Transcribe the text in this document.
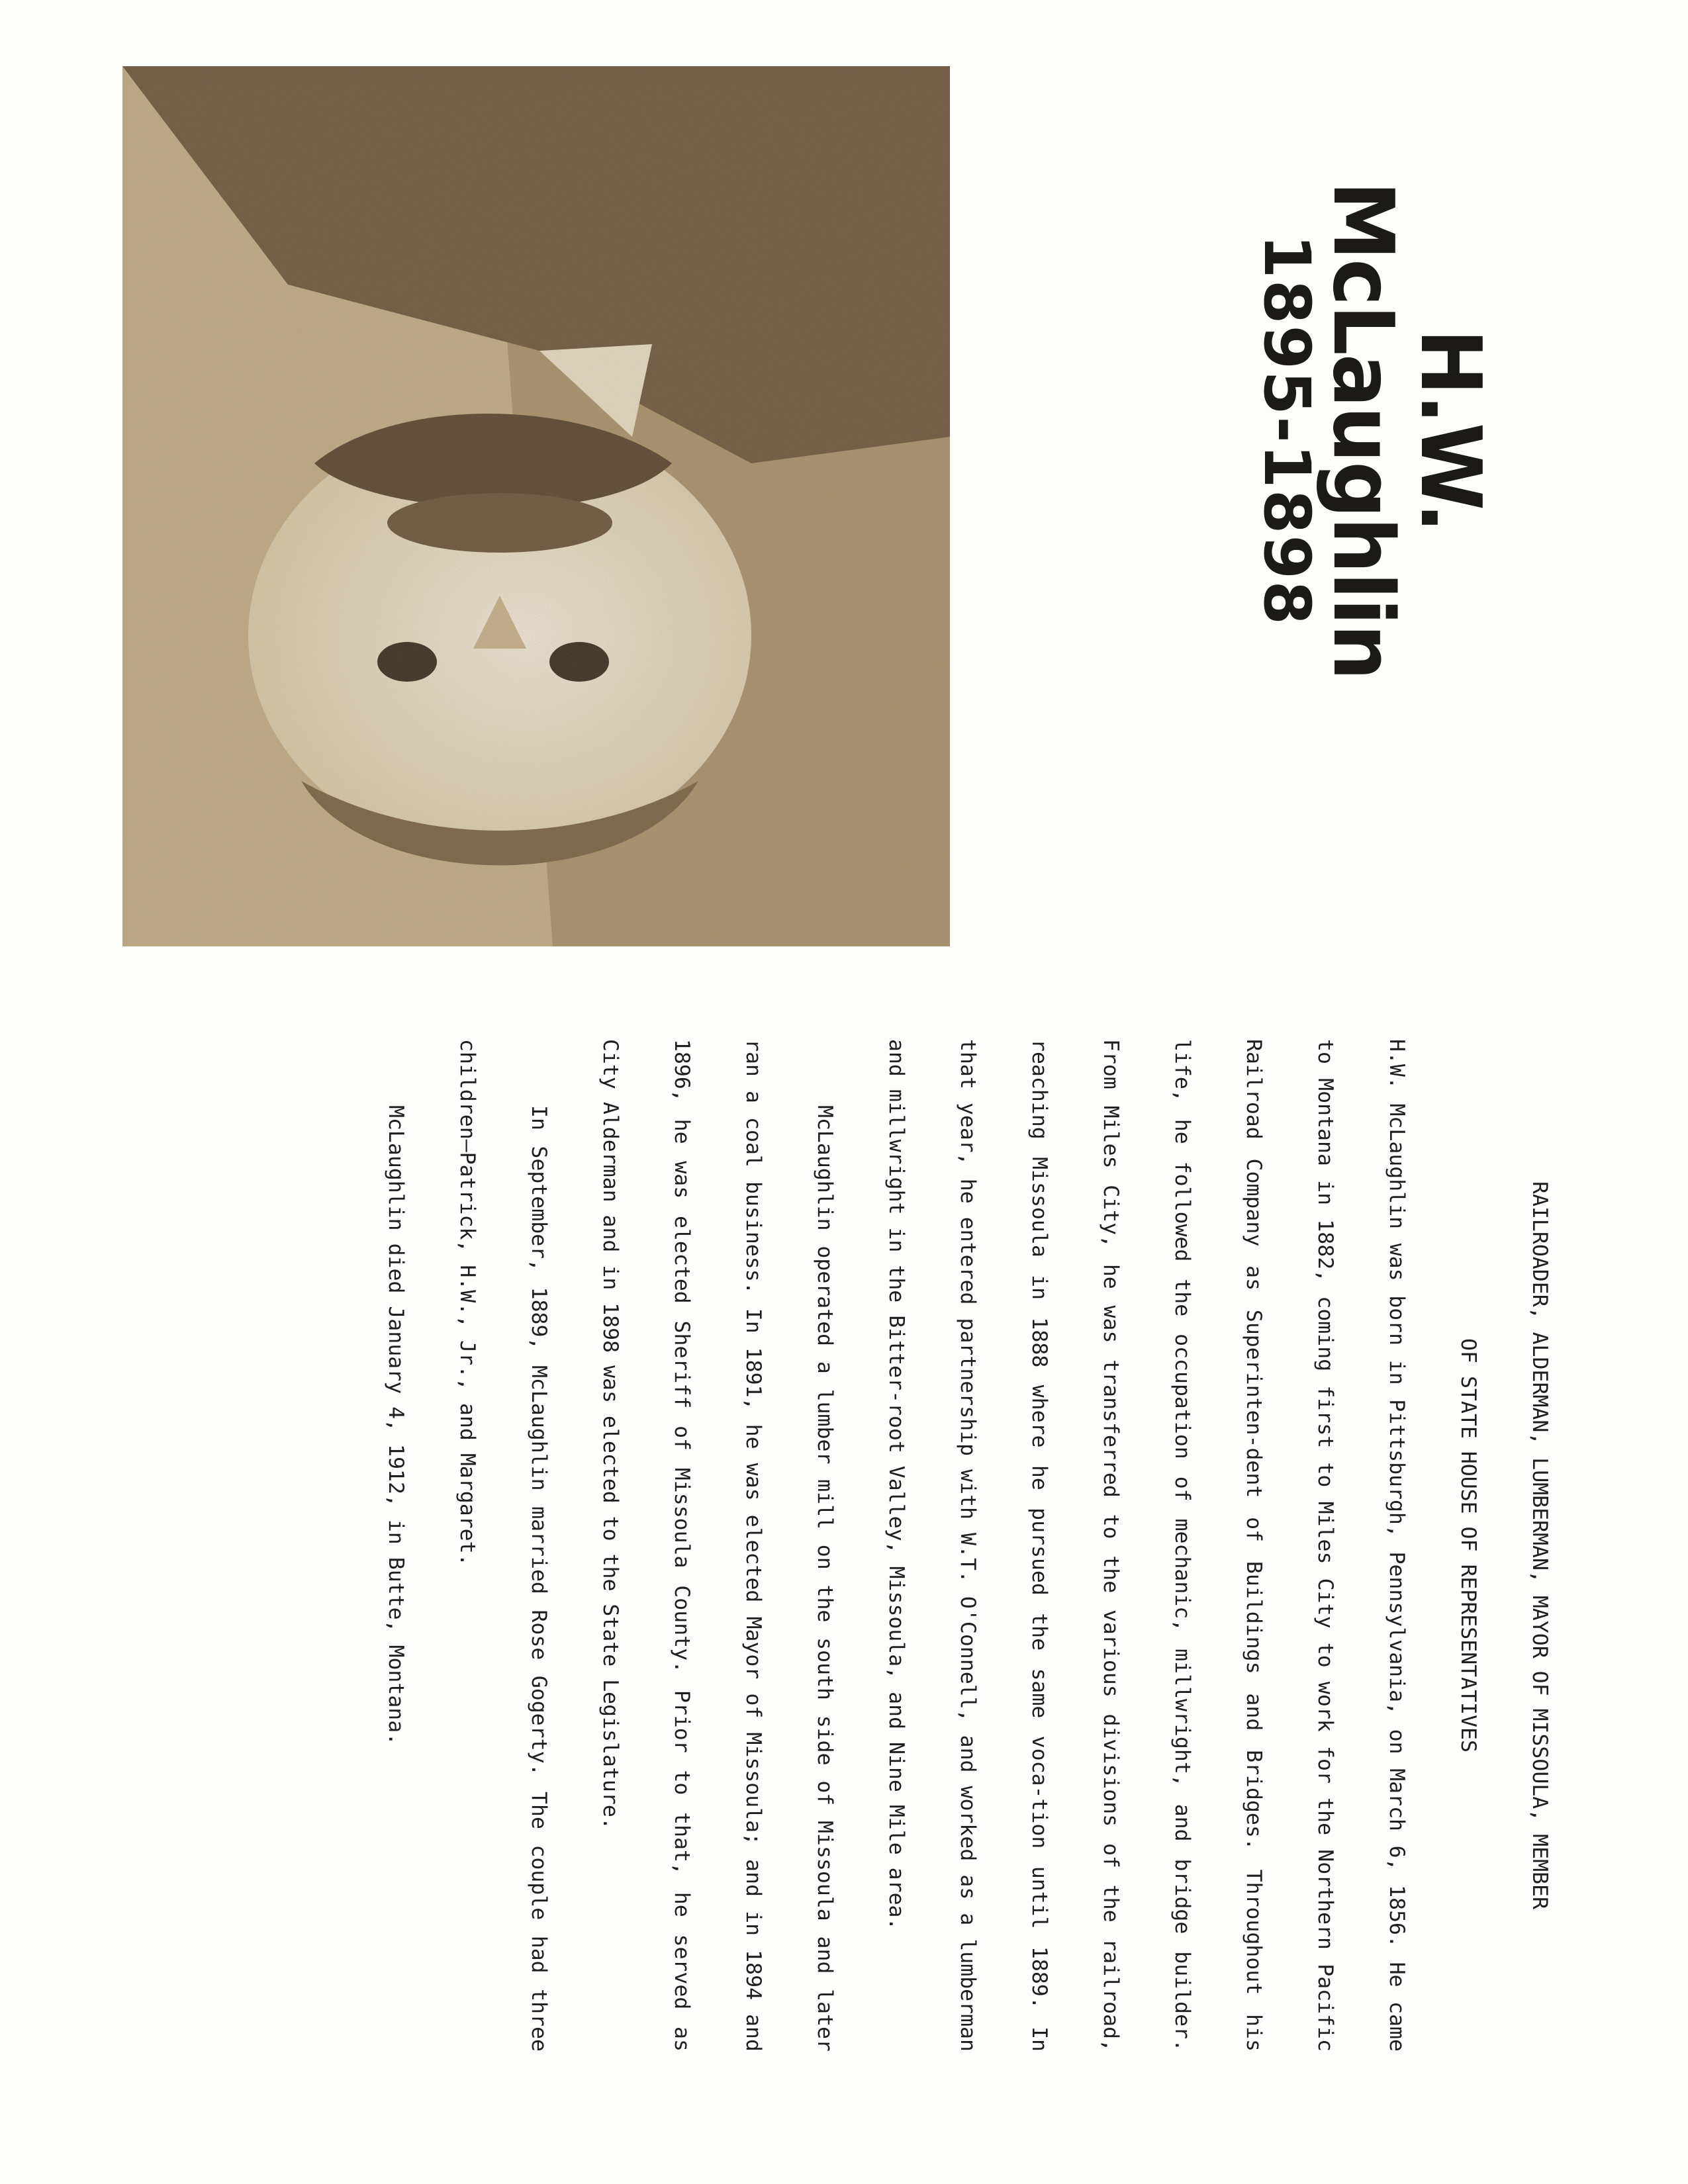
H.W. McLaughlin
1895-1898
RAILROADER, ALDERMAN, LUMBERMAN, MAYOR OF MISSOULA, MEMBER
OF STATE HOUSE OF REPRESENTATIVES

H.W. McLaughlin was born in Pittsburgh, Pennsylvania, on March 6, 1856. He came to Montana in 1882, coming first to Miles City to work for the Northern Pacific Railroad Company as Superinten-dent of Buildings and Bridges. Throughout his life, he followed the occupation of mechanic, millwright, and bridge builder. From Miles City, he was transferred to the various divisions of the railroad, reaching Missoula in 1888 where he pursued the same voca-tion until 1889. In that year, he entered partnership with W.T. O'Connell, and worked as a lumberman and millwright in the Bitter-root Valley, Missoula, and Nine Mile area.

McLaughlin operated a lumber mill on the south side of Missoula and later ran a coal business. In 1891, he was elected Mayor of Missoula; and in 1894 and 1896, he was elected Sheriff of Missoula County. Prior to that, he served as City Alderman and in 1898 was elected to the State Legislature.

In September, 1889, McLaughlin married Rose Gogerty. The couple had three children—Patrick, H.W., Jr., and Margaret.

McLaughlin died January 4, 1912, in Butte, Montana.
